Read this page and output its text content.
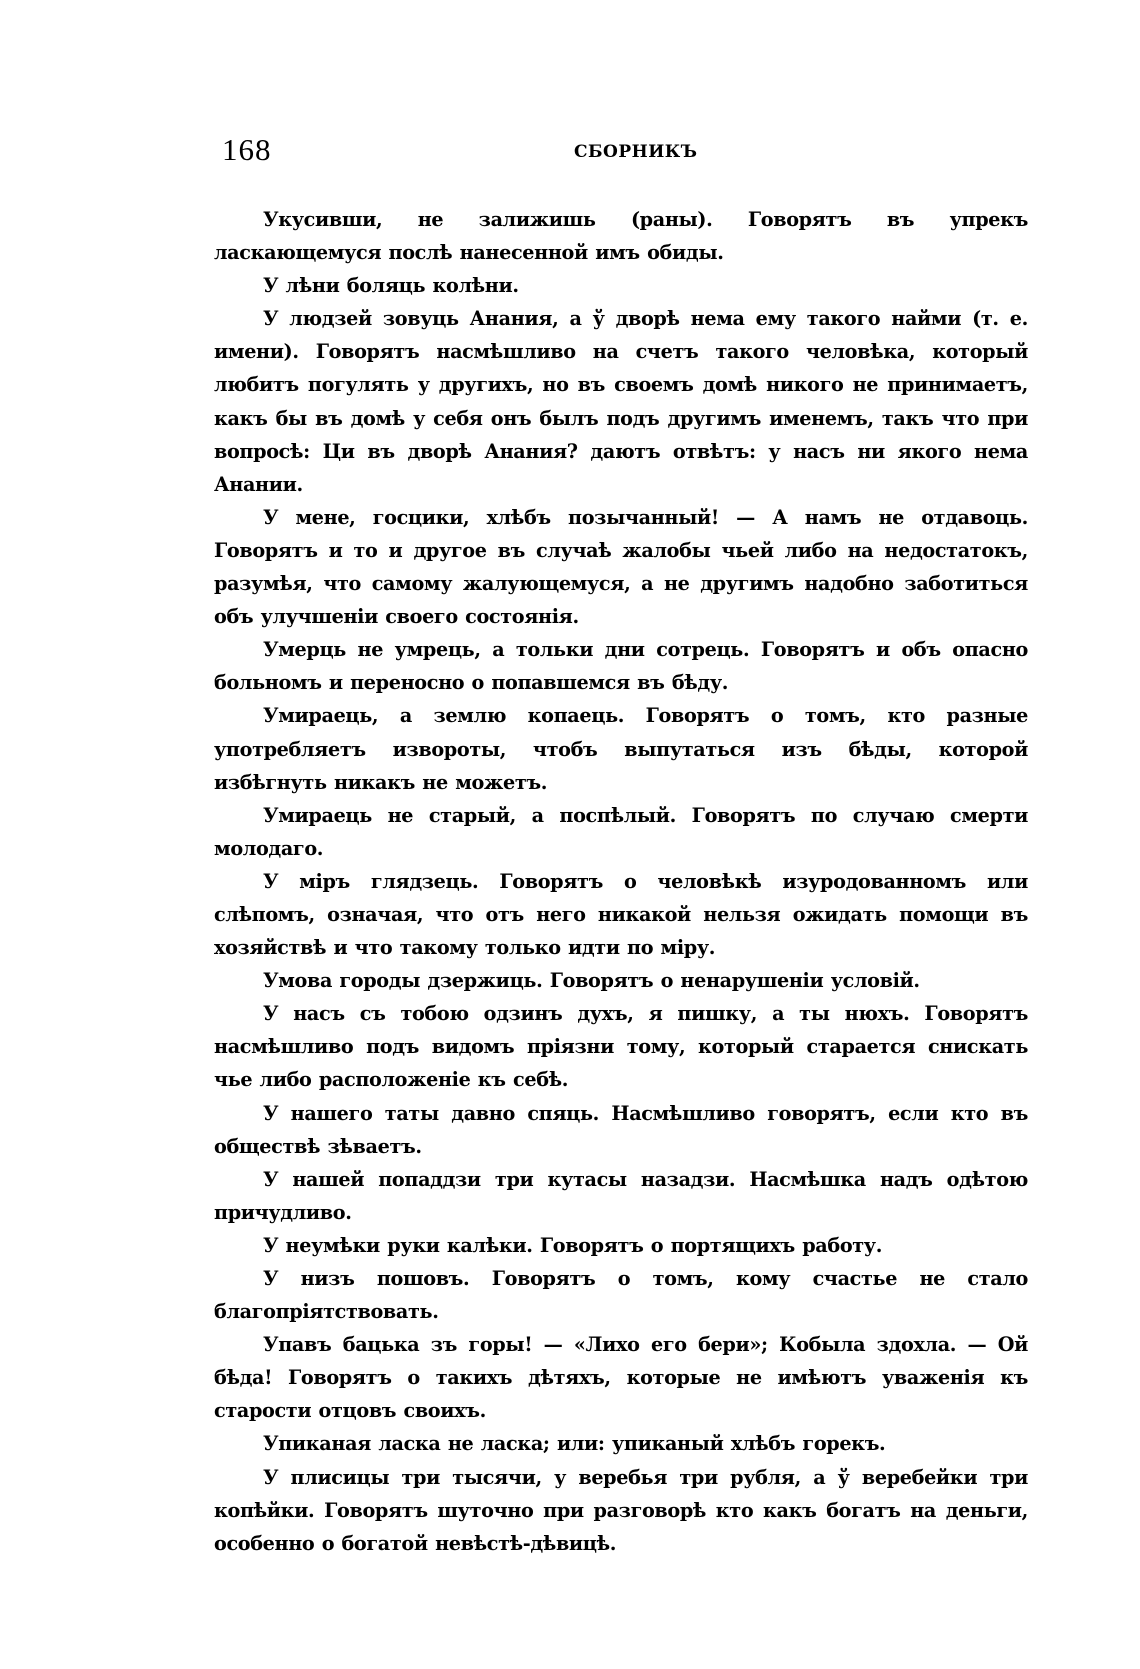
168	СБОРНИКЪ

Укусивши, не залижишь (раны). Говорятъ въ упрекъ ласкающемуся послѣ нанесенной имъ обиды.

У лѣни боляць колѣни.

У людзей зовуць Анания, а ў дворѣ нема ему такого найми (т. е. имени). Говорятъ насмѣшливо на счетъ такого человѣка, который любитъ погулять у другихъ, но въ своемъ домѣ никого не принимаетъ, какъ бы въ домѣ у себя онъ былъ подъ другимъ именемъ, такъ что при вопросѣ: Ци въ дворѣ Анания? даютъ отвѣтъ: у насъ ни якого нема Анании.

У мене, госцики, хлѣбъ позычанный! — А намъ не отдавоць. Говорятъ и то и другое въ случаѣ жалобы чьей либо на недостатокъ, разумѣя, что самому жалующемуся, а не другимъ надобно заботиться объ улучшеніи своего состоянія.

Умерць не умрець, а тольки дни сотрець. Говорятъ и объ опасно больномъ и переносно о попавшемся въ бѣду.

Умираець, а землю копаець. Говорятъ о томъ, кто разные употребляетъ извороты, чтобъ выпутаться изъ бѣды, которой избѣгнуть никакъ не можетъ.

Умираець не старый, а поспѣлый. Говорятъ по случаю смерти молодаго.

У міръ глядзець. Говорятъ о человѣкѣ изуродованномъ или слѣпомъ, означая, что отъ него никакой нельзя ожидать помощи въ хозяйствѣ и что такому только идти по міру.

Умова городы дзержиць. Говорятъ о ненарушеніи условій.

У насъ съ тобою одзинъ духъ, я пишку, а ты нюхъ. Говорятъ насмѣшливо подъ видомъ пріязни тому, который старается снискать чье либо расположеніе къ себѣ.

У нашего таты давно спяць. Насмѣшливо говорятъ, если кто въ обществѣ зѣваетъ.

У нашей попаддзи три кутасы назадзи. Насмѣшка надъ одѣтою причудливо.

У неумѣки руки калѣки. Говорятъ о портящихъ работу.

У низъ пошовъ. Говорятъ о томъ, кому счастье не стало благопріятствовать.

Упавъ бацька зъ горы! — «Лихо его бери»; Кобыла здохла. — Ой бѣда! Говорятъ о такихъ дѣтяхъ, которые не имѣютъ уваженія къ старости отцовъ своихъ.

Упиканая ласка не ласка; или: упиканый хлѣбъ горекъ.

У плисицы три тысячи, у веребья три рубля, а ў веребейки три копѣйки. Говорятъ шуточно при разговорѣ кто какъ богатъ на деньги, особенно о богатой невѣстѣ-дѣвицѣ.
